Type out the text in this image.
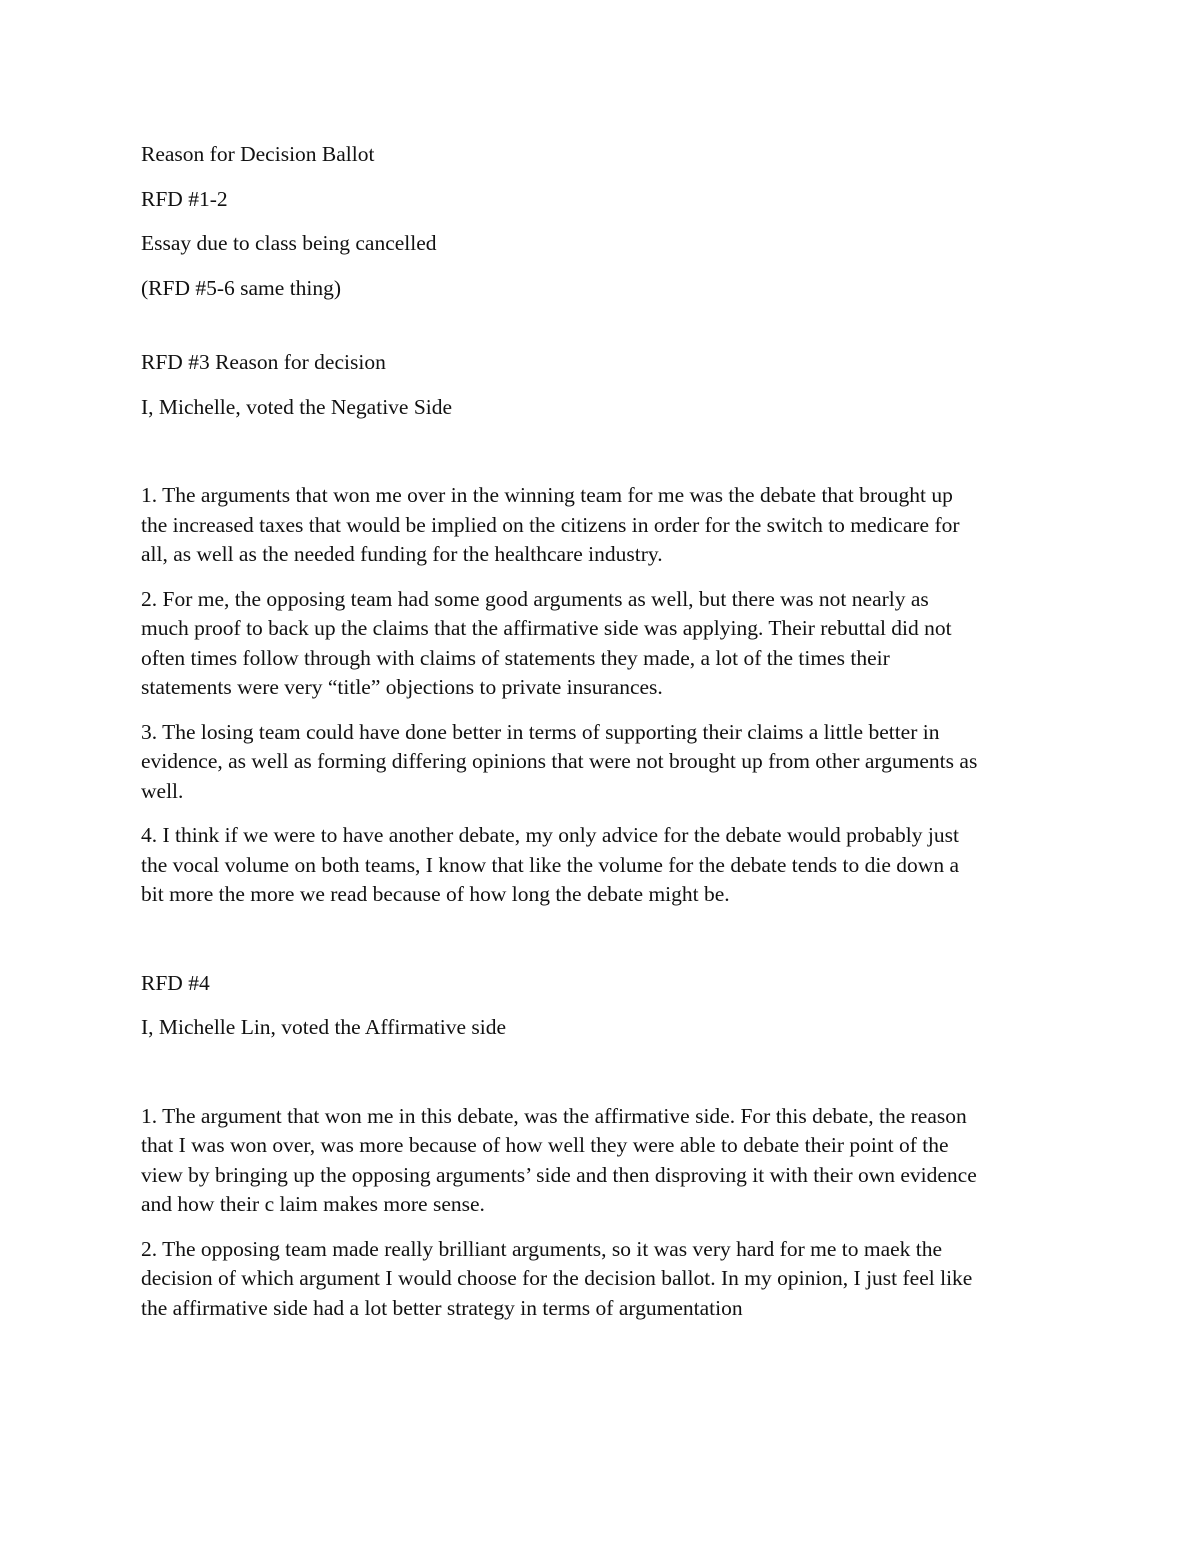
Reason for Decision Ballot

RFD #1-2

Essay due to class being cancelled

(RFD #5-6 same thing)

RFD #3 Reason for decision

I, Michelle, voted the Negative Side

1. The arguments that won me over in the winning team for me was the debate that brought up
the increased taxes that would be implied on the citizens in order for the switch to medicare for
all, as well as the needed funding for the healthcare industry.

2. For me, the opposing team had some good arguments as well, but there was not nearly as
much proof to back up the claims that the affirmative side was applying. Their rebuttal did not
often times follow through with claims of statements they made, a lot of the times their
statements were very “title” objections to private insurances.

3. The losing team could have done better in terms of supporting their claims a little better in
evidence, as well as forming differing opinions that were not brought up from other arguments as
well.

4. I think if we were to have another debate, my only advice for the debate would probably just
the vocal volume on both teams, I know that like the volume for the debate tends to die down a
bit more the more we read because of how long the debate might be.

RFD #4

I, Michelle Lin, voted the Affirmative side

1. The argument that won me in this debate, was the affirmative side. For this debate, the reason
that I was won over, was more because of how well they were able to debate their point of the
view by bringing up the opposing arguments’ side and then disproving it with their own evidence
and how their c laim makes more sense.

2. The opposing team made really brilliant arguments, so it was very hard for me to maek the
decision of which argument I would choose for the decision ballot. In my opinion, I just feel like
the affirmative side had a lot better strategy in terms of argumentation
